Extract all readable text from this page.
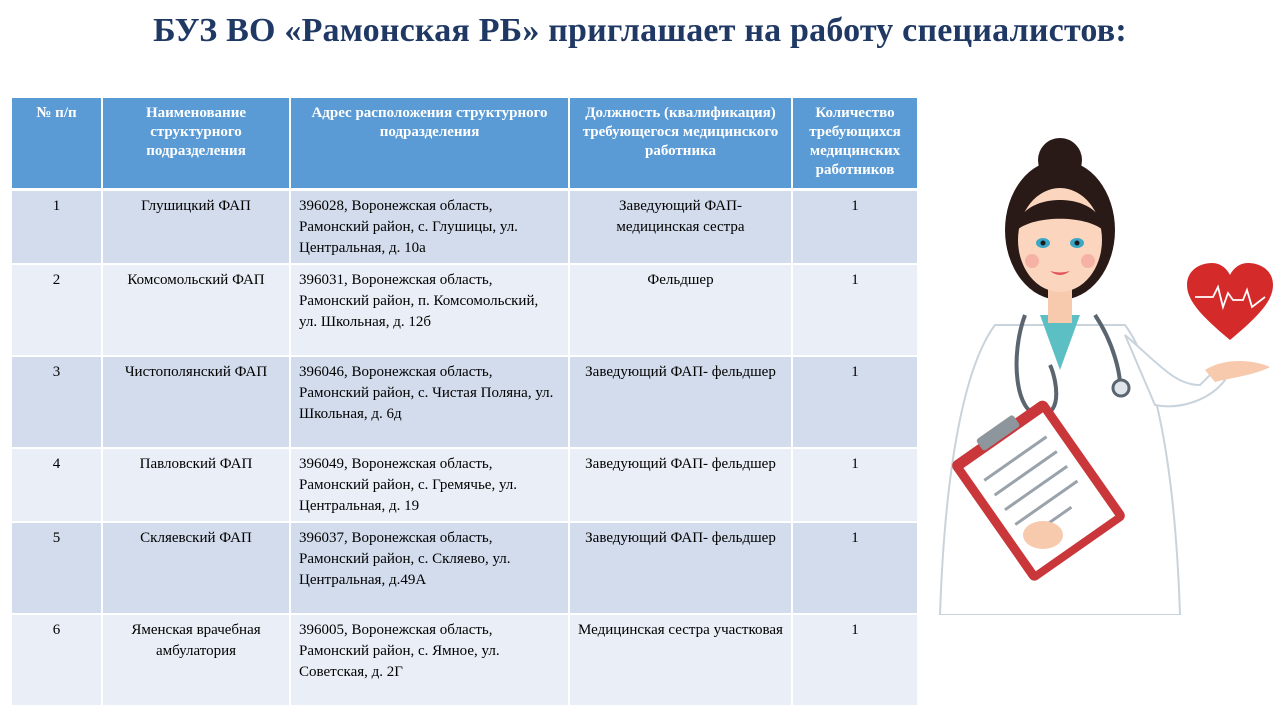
БУЗ ВО «Рамонская РБ» приглашает на работу специалистов:
№ п/п	Наименование структурного подразделения	Адрес расположения структурного подразделения	Должность (квалификация) требующегося медицинского работника	Количество требующихся медицинских работников
1	Глушицкий ФАП	396028, Воронежская область, Рамонский район, с. Глушицы, ул. Центральная, д. 10а	Заведующий ФАП- медицинская сестра	1
2	Комсомольский ФАП	396031, Воронежская область, Рамонский район, п. Комсомольский, ул. Школьная, д. 12б	Фельдшер	1
3	Чистополянский ФАП	396046, Воронежская область, Рамонский район, с. Чистая Поляна, ул. Школьная, д. 6д	Заведующий ФАП- фельдшер	1
4	Павловский ФАП	396049, Воронежская область, Рамонский район, с. Гремячье, ул. Центральная, д. 19	Заведующий ФАП- фельдшер	1
5	Скляевский ФАП	396037, Воронежская область, Рамонский район, с. Скляево, ул. Центральная, д.49А	Заведующий ФАП- фельдшер	1
6	Яменская врачебная амбулатория	396005, Воронежская область, Рамонский район, с. Ямное, ул. Советская, д. 2Г	Медицинская сестра участковая	1
